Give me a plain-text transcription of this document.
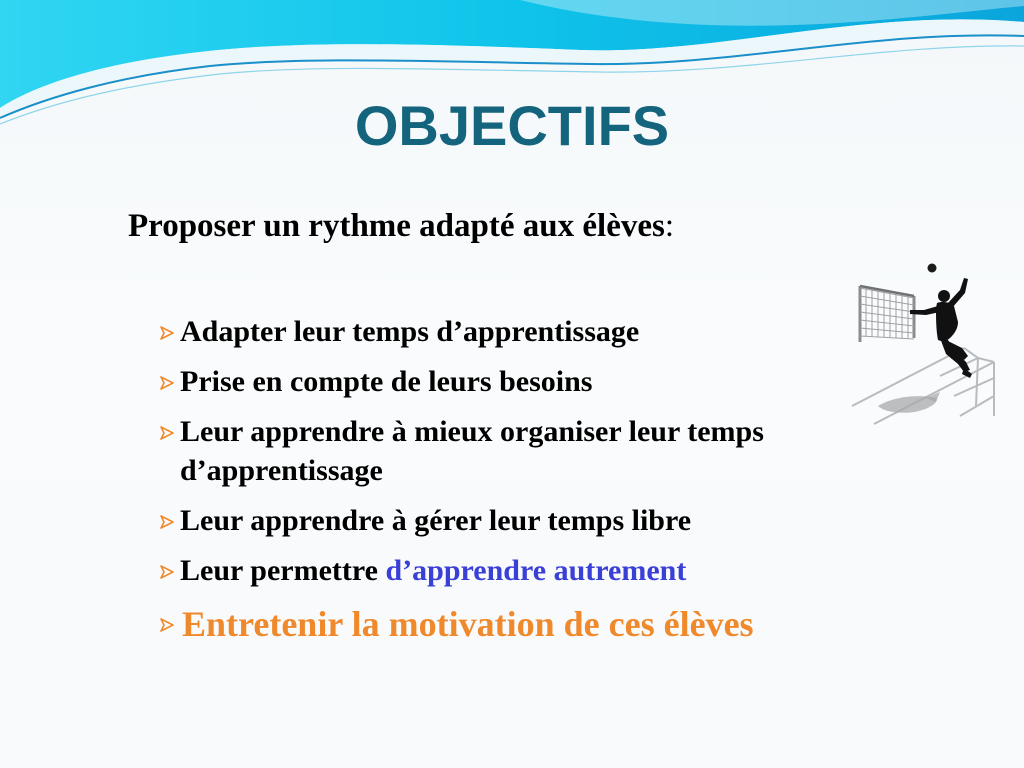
OBJECTIFS
Proposer un rythme adapté aux élèves:
Adapter leur temps d’apprentissage
Prise en compte de leurs besoins
Leur apprendre à mieux organiser leur temps d’apprentissage
Leur apprendre à gérer leur temps libre
Leur permettre d’apprendre autrement
Entretenir la motivation de ces élèves
